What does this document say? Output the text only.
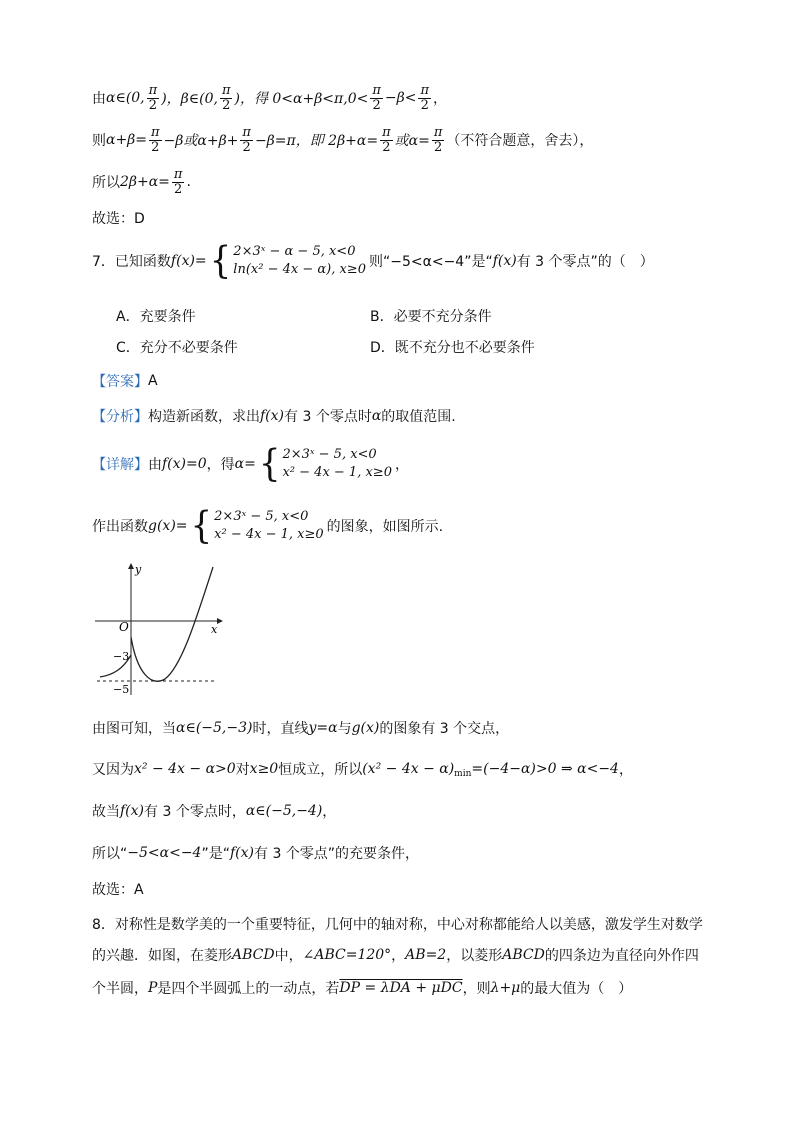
由 α∈(0, $\frac{\pi}{2}$ )，β∈(0, $\frac{\pi}{2}$ )，得 $0<\alpha+\beta<\pi,0< \frac{\pi}{2} -\beta< \frac{\pi}{2}$ ，
则 $\alpha+\beta= \frac{\pi}{2} -\beta$或$\alpha+\beta+ \frac{\pi}{2} -\beta=\pi$，即 $2\beta+\alpha= \frac{\pi}{2}$ 或$\alpha= \frac{\pi}{2}$ （不符合题意，舍去），
所以 $2\beta+\alpha= \frac{\pi}{2}$ .
故选：D
7．已知函数 f(x)= { 2×3ˣ − α − 5, x<0
ln(x² − 4x − α), x≥0 则“−5<α<−4”是“ f(x) 有 3 个零点”的（　）
A．充要条件	B．必要不充分条件
C．充分不必要条件	D．既不充分也不必要条件
【答案】 A
【分析】 构造新函数，求出 f(x) 有 3 个零点时 α 的取值范围.
【详解】 由 f(x)=0 ，得 α= { 2×3ˣ − 5, x<0
x² − 4x − 1, x≥0 ，
作出函数 g(x)= { 2×3ˣ − 5, x<0
x² − 4x − 1, x≥0 的图象，如图所示.
y
x
O
−3
−5
由图可知，当 α∈(−5,−3) 时，直线 y=α 与 g(x) 的图象有 3 个交点，
又因为 x² − 4x − α>0 对 x≥0 恒成立，所以 $(x^2 - 4x - \alpha)_{min} =(-4-\alpha)>0$ ⇒ α<−4 ，
故当 f(x) 有 3 个零点时， α∈(−5,−4) ，
所以“ −5<α<−4 ”是“ f(x) 有 3 个零点”的充要条件，
故选：A
8．对称性是数学美的一个重要特征，几何中的轴对称，中心对称都能给人以美感，激发学生对数学
的兴趣．如图，在菱形 ABCD 中， ∠ABC=120° ， AB=2 ，以菱形 ABCD 的四条边为直径向外作四
个半圆， P 是四个半圆弧上的一动点，若 DP = λDA + μDC ，则 λ+μ 的最大值为（　）
